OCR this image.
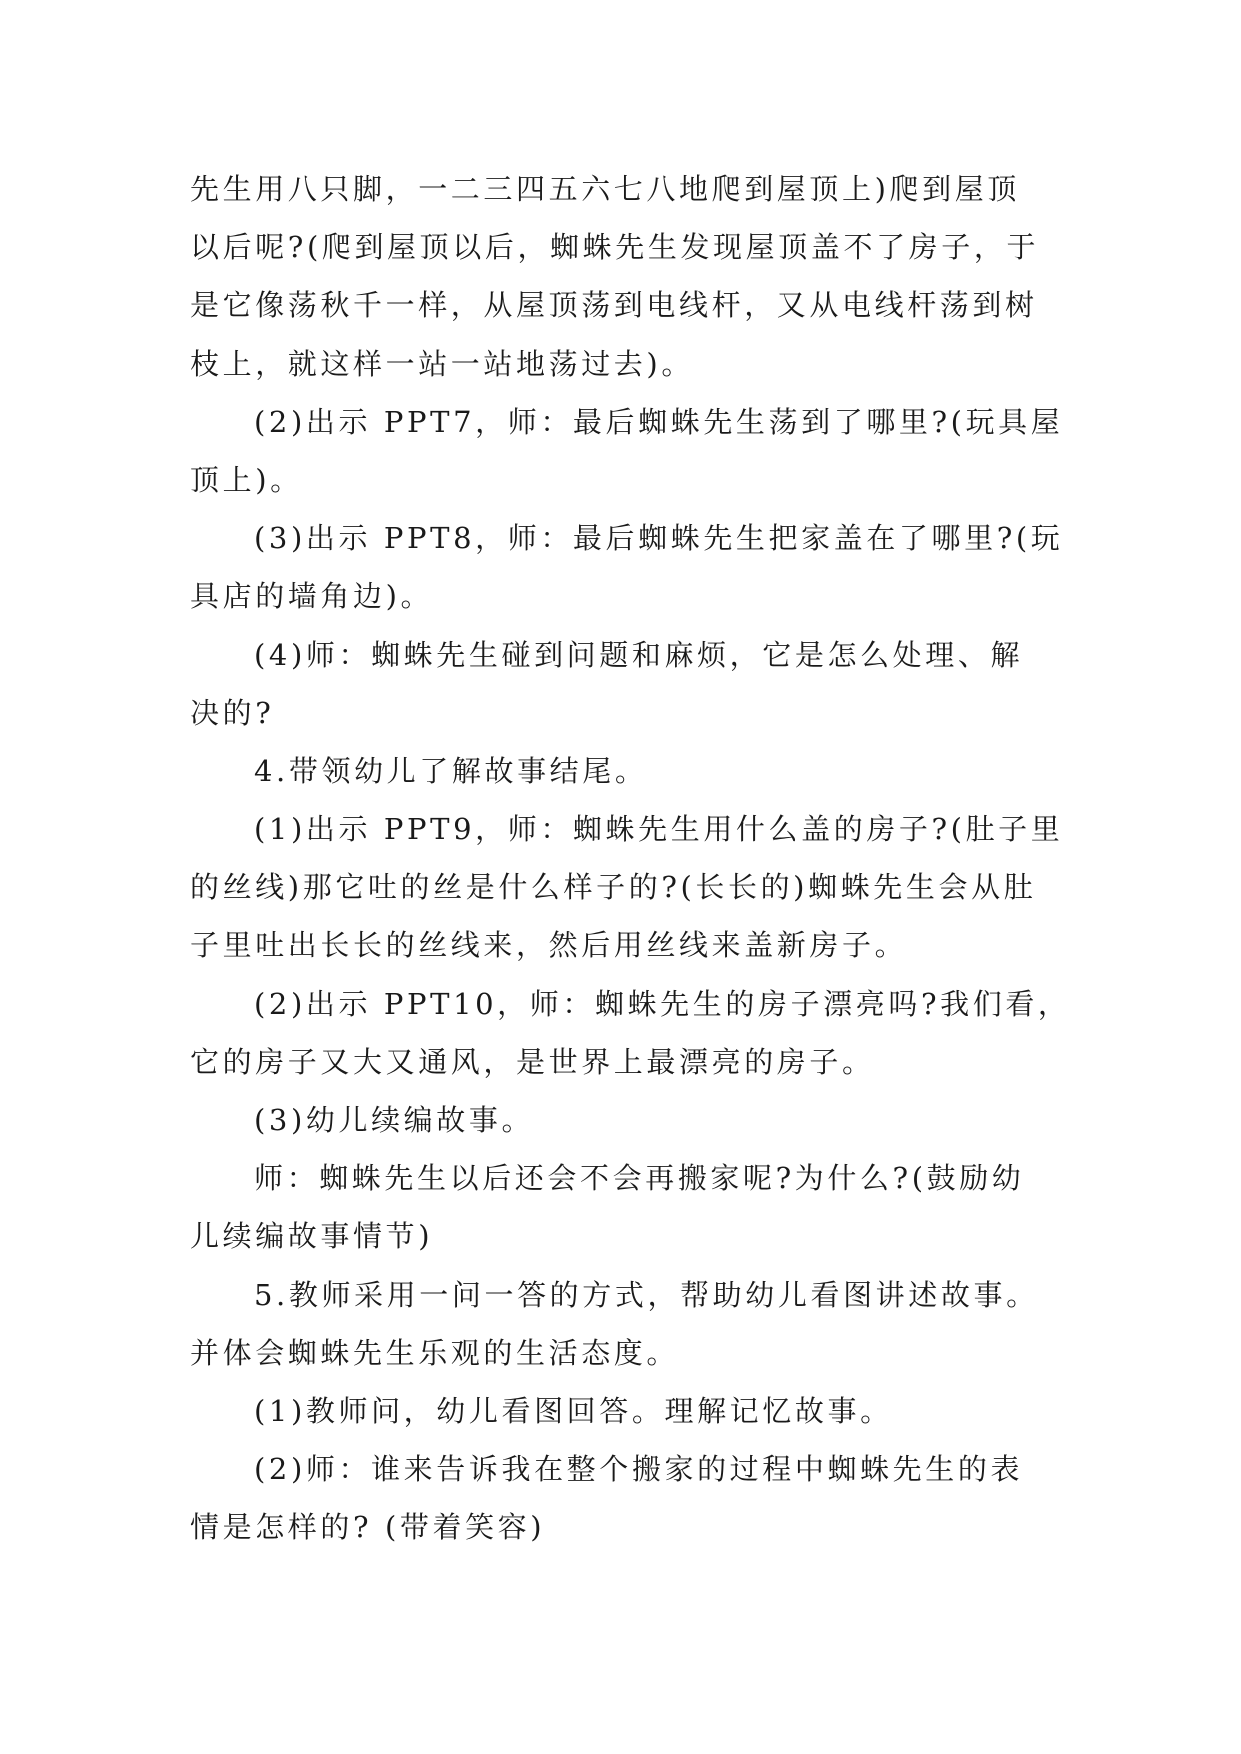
先生用八只脚，一二三四五六七八地爬到屋顶上)爬到屋顶
以后呢?(爬到屋顶以后，蜘蛛先生发现屋顶盖不了房子，于
是它像荡秋千一样，从屋顶荡到电线杆，又从电线杆荡到树
枝上，就这样一站一站地荡过去)。
(2)出示 PPT7，师：最后蜘蛛先生荡到了哪里?(玩具屋
顶上)。
(3)出示 PPT8，师：最后蜘蛛先生把家盖在了哪里?(玩
具店的墙角边)。
(4)师：蜘蛛先生碰到问题和麻烦，它是怎么处理、解
决的?
4.带领幼儿了解故事结尾。
(1)出示 PPT9，师：蜘蛛先生用什么盖的房子?(肚子里
的丝线)那它吐的丝是什么样子的?(长长的)蜘蛛先生会从肚
子里吐出长长的丝线来，然后用丝线来盖新房子。
(2)出示 PPT10，师：蜘蛛先生的房子漂亮吗?我们看，
它的房子又大又通风，是世界上最漂亮的房子。
(3)幼儿续编故事。
师：蜘蛛先生以后还会不会再搬家呢?为什么?(鼓励幼
儿续编故事情节)
5.教师采用一问一答的方式，帮助幼儿看图讲述故事。
并体会蜘蛛先生乐观的生活态度。
(1)教师问，幼儿看图回答。理解记忆故事。
(2)师：谁来告诉我在整个搬家的过程中蜘蛛先生的表
情是怎样的? (带着笑容)
